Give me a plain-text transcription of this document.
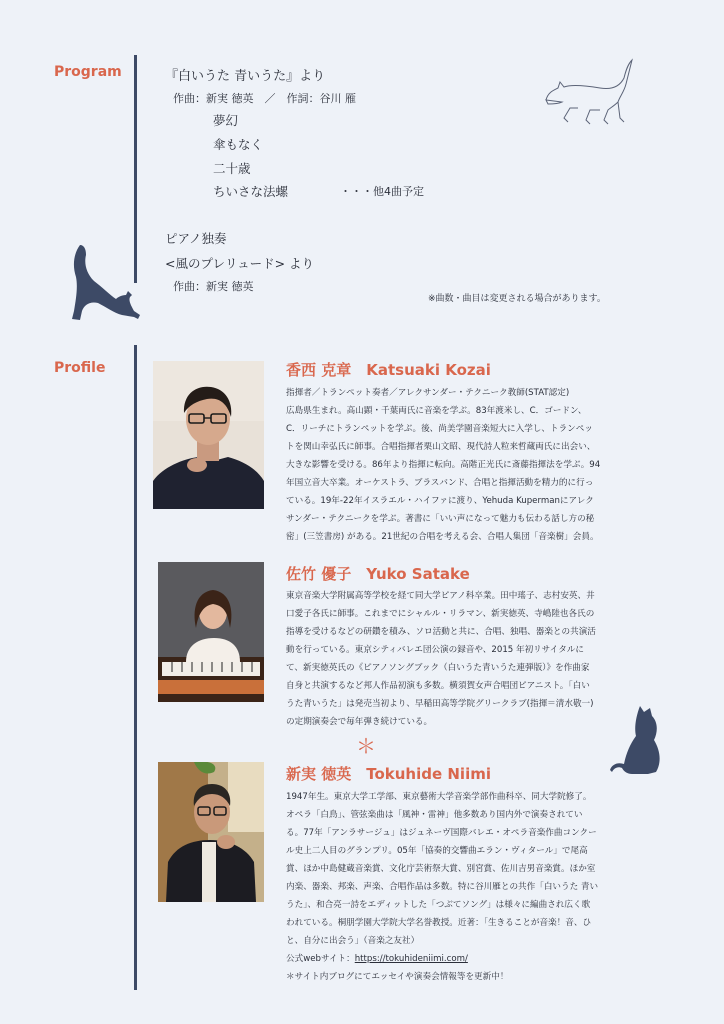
Program	『白いうた 青いうた』より
作曲：新実 徳英　／　作詞：谷川 雁
夢幻
傘もなく
二十歳
ちいさな法螺	・・・他4曲予定
ピアノ独奏
<風のプレリュード> より
作曲：新実 徳英
※曲数・曲目は変更される場合があります。
Profile	香西 克章　Katsuaki Kozai
指揮者／トランペット奏者／アレクサンダー・テクニーク教師(STAT認定)
広島県生まれ。高山顕・千葉両氏に音楽を学ぶ。83年渡米し、C．ゴードン、
C．リーチにトランペットを学ぶ。後、尚美学園音楽短大に入学し、トランペッ
トを関山幸弘氏に師事。合唱指揮者栗山文昭、現代詩人粒来哲蔵両氏に出会い、
大きな影響を受ける。86年より指揮に転向。高階正光氏に斎藤指揮法を学ぶ。94
年国立音大卒業。オーケストラ、ブラスバンド、合唱と指揮活動を精力的に行っ
ている。19年-22年イスラエル・ハイファに渡り、Yehuda Kupermanにアレク
サンダー・テクニークを学ぶ。著書に「いい声になって魅力も伝わる話し方の秘
密」(三笠書房) がある。21世紀の合唱を考える会、合唱人集団「音楽樹」会員。
佐竹 優子　Yuko Satake
東京音楽大学附属高等学校を経て同大学ピアノ科卒業。田中瑤子、志村安英、井
口愛子各氏に師事。これまでにシャルル・リラマン、新実徳英、寺嶋陸也各氏の
指導を受けるなどの研鑽を積み、ソロ活動と共に、合唱、独唱、器楽との共演活
動を行っている。東京シティバレエ団公演の録音や、2015 年初リサイタルに
て、新実徳英氏の《ピアノソングブック（白いうた青いうた連弾版）》を作曲家
自身と共演するなど邦人作品初演も多数。横須賀女声合唱団ピアニスト。「白い
うた青いうた」は発売当初より、早稲田高等学院グリークラブ(指揮＝清水敬一)
の定期演奏会で毎年弾き続けている。
＊
新実 徳英　Tokuhide Niimi
1947年生。東京大学工学部、東京藝術大学音楽学部作曲科卒、同大学院修了。
オペラ「白鳥」、管弦楽曲は「風神・雷神」他多数あり国内外で演奏されてい
る。77年「アンラサージュ」はジュネーヴ国際バレエ・オペラ音楽作曲コンクー
ル史上二人目のグランプリ。05年「協奏的交響曲エラン・ヴィタール」で尾高
賞、ほか中島健蔵音楽賞、文化庁芸術祭大賞、別宮賞、佐川吉男音楽賞。ほか室
内楽、器楽、邦楽、声楽、合唱作品は多数。特に谷川雁との共作「白いうた 青い
うた」、和合亮一詩をエディットした「つぶてソング」は様々に編曲され広く歌
われている。桐朋学園大学院大学名誉教授。近著：「生きることが音楽！音、ひ
と、自分に出会う」（音楽之友社）
公式webサイト：https://tokuhideniimi.com/
＊サイト内ブログにてエッセイや演奏会情報等を更新中！
